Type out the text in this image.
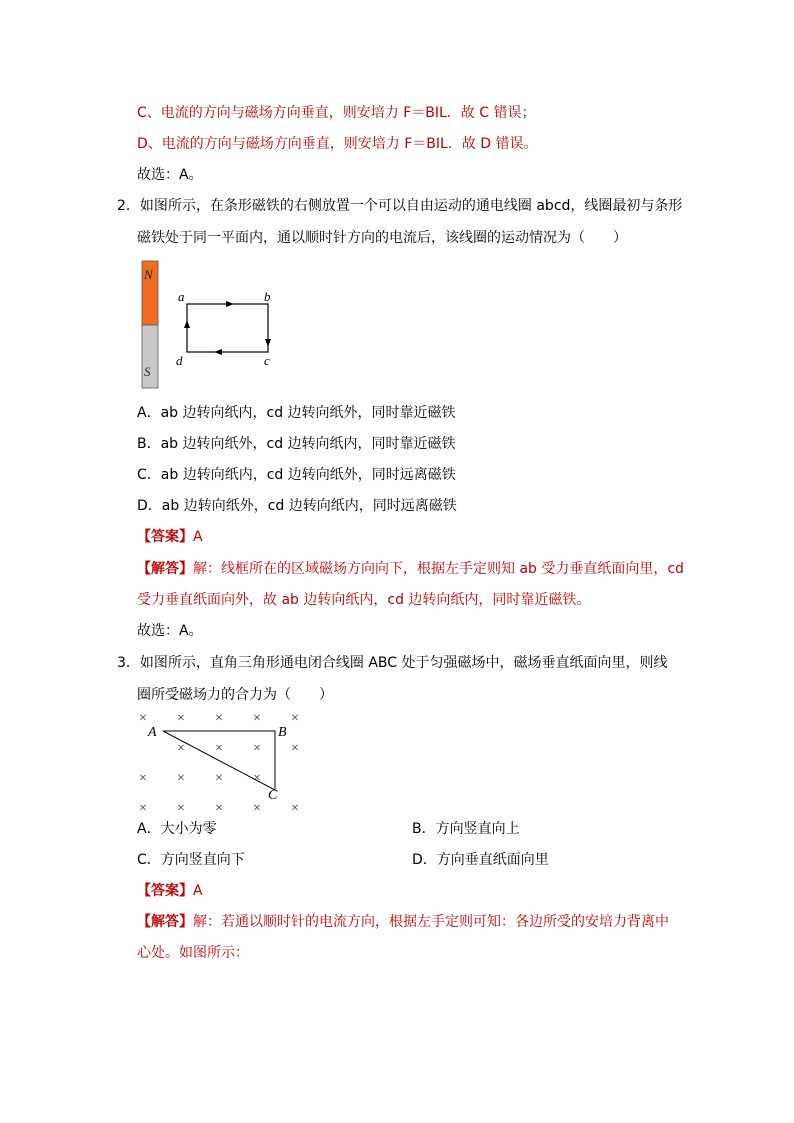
C、电流的方向与磁场方向垂直，则安培力 F＝BIL．故 C 错误；
D、电流的方向与磁场方向垂直，则安培力 F＝BIL．故 D 错误。
故选：A。
2．如图所示，在条形磁铁的右侧放置一个可以自由运动的通电线圈 abcd，线圈最初与条形
磁铁处于同一平面内，通以顺时针方向的电流后，该线圈的运动情况为（　　）
N
S
a	b
c
d
A．ab 边转向纸内，cd 边转向纸外，同时靠近磁铁
B．ab 边转向纸外，cd 边转向纸内，同时靠近磁铁
C．ab 边转向纸内，cd 边转向纸外，同时远离磁铁
D．ab 边转向纸外，cd 边转向纸内，同时远离磁铁
【答案】A
【解答】解：线框所在的区域磁场方向向下，根据左手定则知 ab 受力垂直纸面向里，cd
受力垂直纸面向外，故 ab 边转向纸内，cd 边转向纸内，同时靠近磁铁。
故选：A。
3．如图所示，直角三角形通电闭合线圈 ABC 处于匀强磁场中，磁场垂直纸面向里，则线
圈所受磁场力的合力为（　　）
× × × × ×
× × × ×
× × × ×
× × × × ×
A	B
C
A．大小为零	B．方向竖直向上
C．方向竖直向下	D．方向垂直纸面向里
【答案】A
【解答】解：若通以顺时针的电流方向，根据左手定则可知：各边所受的安培力背离中
心处。如图所示：
